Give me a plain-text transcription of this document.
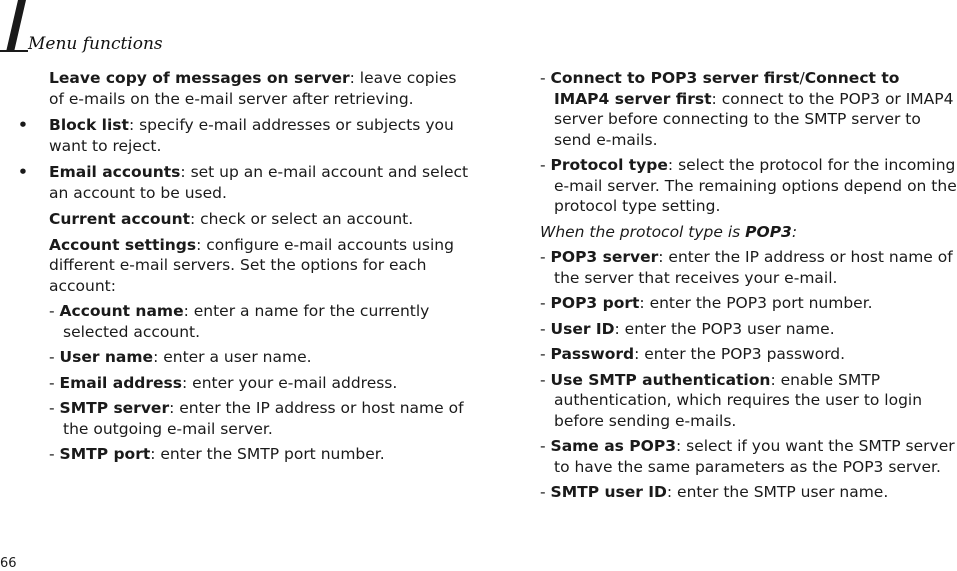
Menu functions

Leave copy of messages on server: leave copies of e-mails on the e-mail server after retrieving.

• Block list: specify e-mail addresses or subjects you want to reject.

• Email accounts: set up an e-mail account and select an account to be used.

Current account: check or select an account.

Account settings: configure e-mail accounts using different e-mail servers. Set the options for each account:

- Account name: enter a name for the currently selected account.

- User name: enter a user name.

- Email address: enter your e-mail address.

- SMTP server: enter the IP address or host name of the outgoing e-mail server.

- SMTP port: enter the SMTP port number.

- Connect to POP3 server first/Connect to IMAP4 server first: connect to the POP3 or IMAP4 server before connecting to the SMTP server to send e-mails.

- Protocol type: select the protocol for the incoming e-mail server. The remaining options depend on the protocol type setting.

When the protocol type is POP3:

- POP3 server: enter the IP address or host name of the server that receives your e-mail.

- POP3 port: enter the POP3 port number.

- User ID: enter the POP3 user name.

- Password: enter the POP3 password.

- Use SMTP authentication: enable SMTP authentication, which requires the user to login before sending e-mails.

- Same as POP3: select if you want the SMTP server to have the same parameters as the POP3 server.

- SMTP user ID: enter the SMTP user name.

66
